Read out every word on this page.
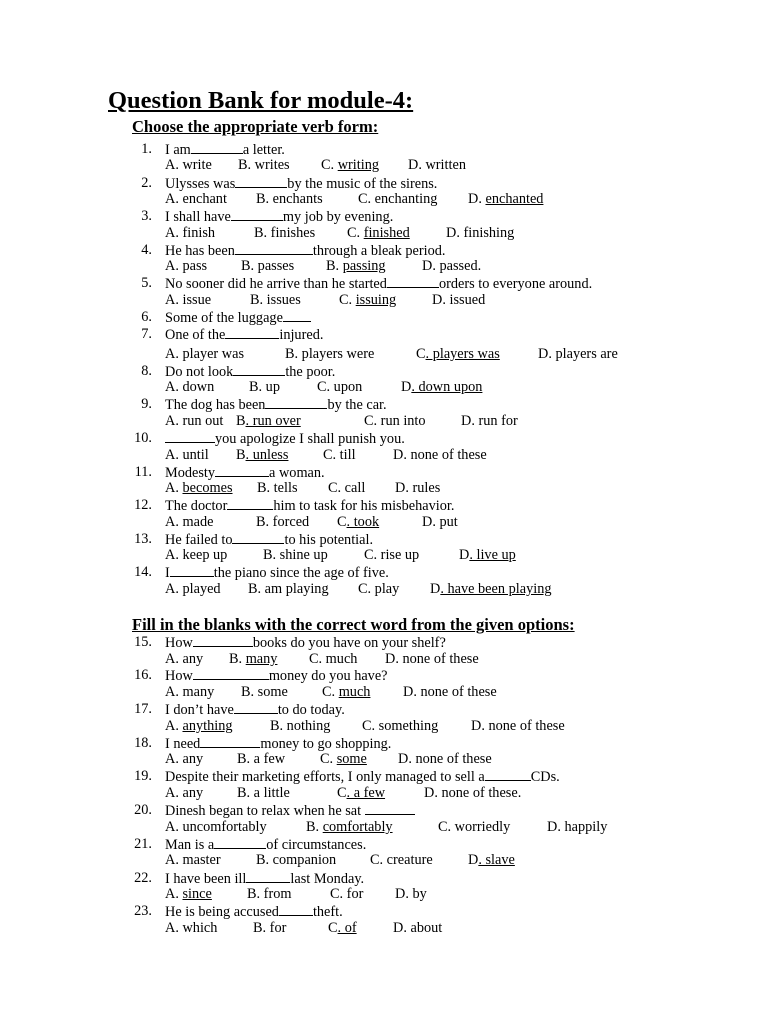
Question Bank for module-4:
Choose the appropriate verb form:
Fill in the blanks with the correct word from the given options:
1. I am	a letter.
A. write B. writes C. writing D. written
2. Ulysses was	by the music of the sirens.
A. enchant B. enchants C. enchanting D. enchanted
3. I shall have	my job by evening.
A. finish	B. finishes C. finished	D. finishing
4. He has been	through a bleak period.
A. pass B. passes B. passing	D. passed.
5. No sooner did he arrive than he started	orders to everyone around.
A. issue	B. issues	C. issuing	D. issued
6. Some of the luggage
7. One of the	injured.
A. player was	B. players were	C. players was	D. players are
8. Do not look	the poor.
A. down B. up	C. upon	D. down upon
9. The dog has been	by the car.
A. run out B. run over	C. run into D. run for
10.	you apologize I shall punish you.
A. until B. unless C. till	D. none of these
11. Modesty	a woman.
A. becomes B. tells C. call D. rules
12. The doctor	him to task for his misbehavior.
A. made	B. forced C. took	D. put
13. He failed to	to his potential.
A. keep up B. shine up	C. rise up	D. live up
14. I	the piano since the age of five.
A. played B. am playing C. play D. have been playing
15. How	books do you have on your shelf?
A. any B. many C. much D. none of these
16. How	money do you have?
A. many B. some C. much D. none of these
17. I don’t have	to do today.
A. anything	B. nothing C. something D. none of these
18. I need	money to go shopping.
A. any B. a few C. some D. none of these
19. Despite their marketing efforts, I only managed to sell a	CDs.
A. any B. a little	C. a few	D. none of these.
20. Dinesh began to relax when he sat
A. uncomfortably	B. comfortably	C. worriedly	D. happily
21. Man is a	of circumstances.
A. master B. companion C. creature D. slave
22. I have been ill	last Monday.
A. since B. from	C. for D. by
23. He is being accused theft.
A. which B. for	C. of	D. about
